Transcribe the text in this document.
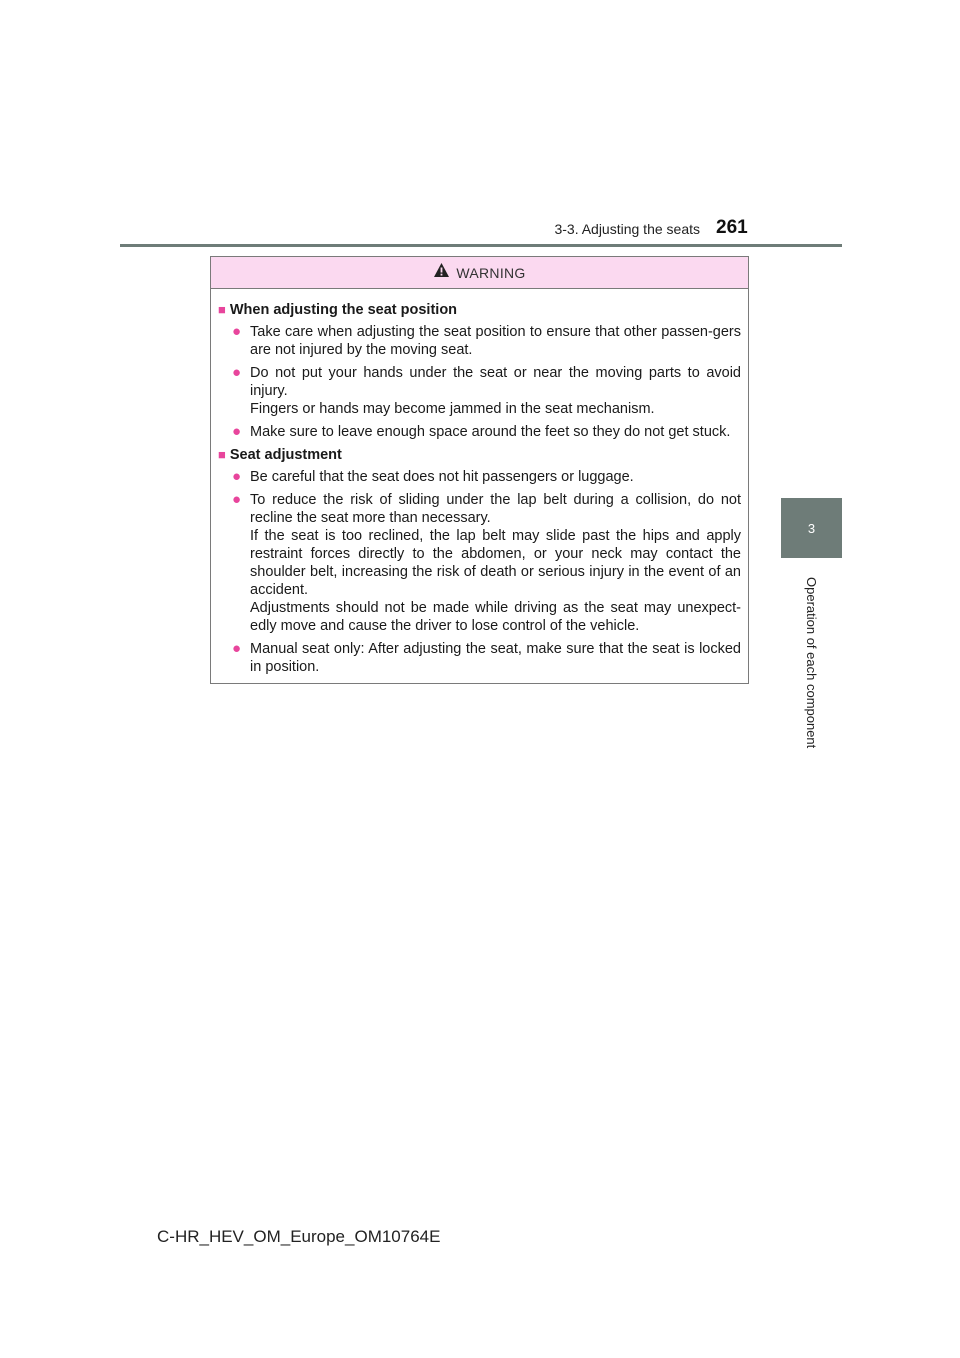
3-3. Adjusting the seats 261
3
Operation of each component
WARNING
■ When adjusting the seat position
● Take care when adjusting the seat position to ensure that other passen-gers are not injured by the moving seat.

● Do not put your hands under the seat or near the moving parts to avoid injury.

Fingers or hands may become jammed in the seat mechanism.

● Make sure to leave enough space around the feet so they do not get stuck.

■ Seat adjustment
● Be careful that the seat does not hit passengers or luggage.

● To reduce the risk of sliding under the lap belt during a collision, do not recline the seat more than necessary.

If the seat is too reclined, the lap belt may slide past the hips and apply restraint forces directly to the abdomen, or your neck may contact the shoulder belt, increasing the risk of death or serious injury in the event of an accident.

Adjustments should not be made while driving as the seat may unexpect-edly move and cause the driver to lose control of the vehicle.

● Manual seat only: After adjusting the seat, make sure that the seat is locked in position.

C-HR_HEV_OM_Europe_OM10764E
